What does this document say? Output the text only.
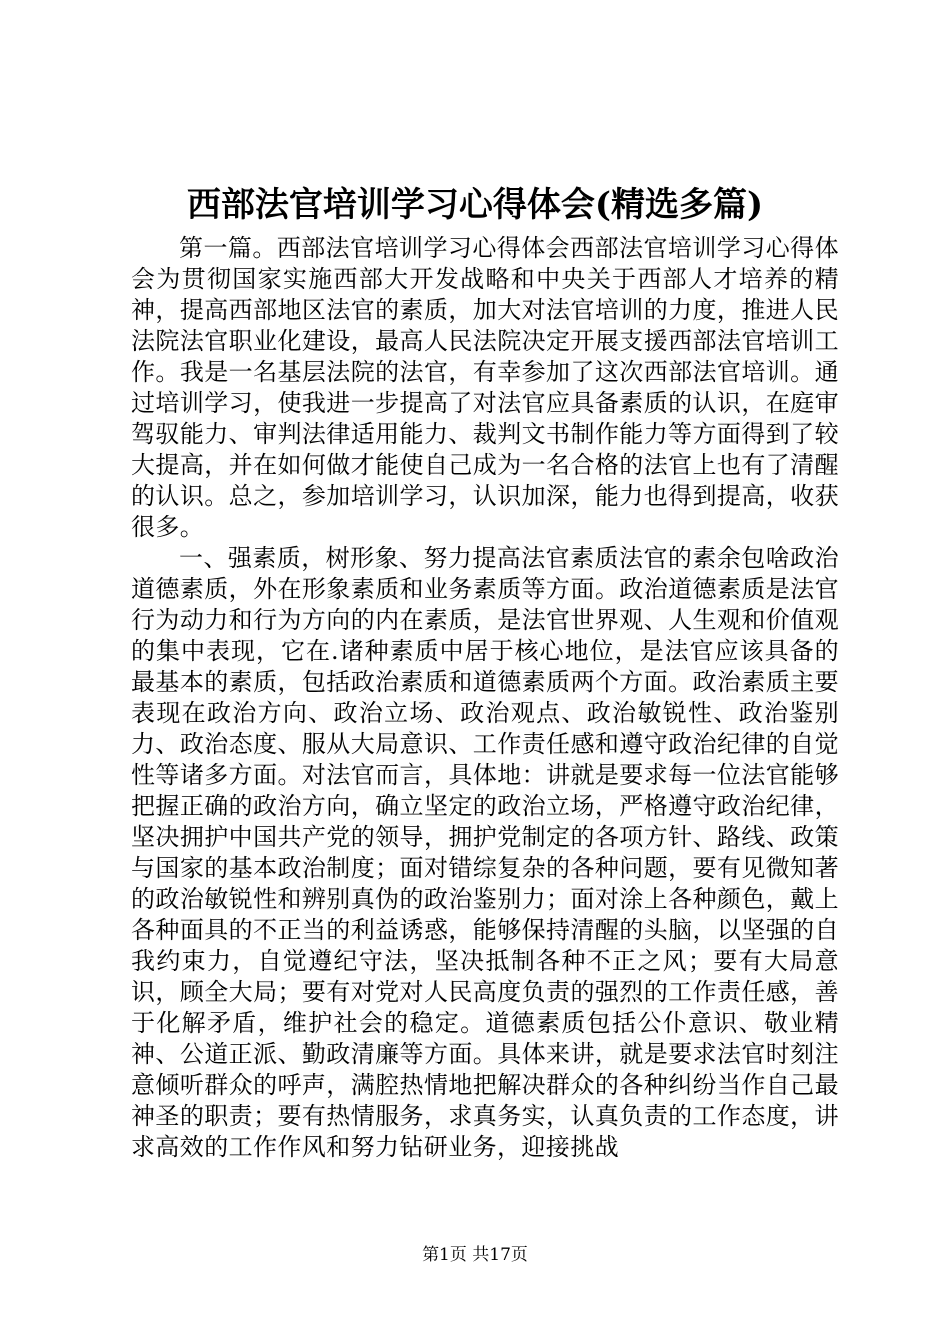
西部法官培训学习心得体会(精选多篇)

第一篇。西部法官培训学习心得体会西部法官培训学习心得体会为贯彻国家实施西部大开发战略和中央关于西部人才培养的精神，提高西部地区法官的素质，加大对法官培训的力度，推进人民法院法官职业化建设，最高人民法院决定开展支援西部法官培训工作。我是一名基层法院的法官，有幸参加了这次西部法官培训。通过培训学习，使我进一步提高了对法官应具备素质的认识，在庭审驾驭能力、审判法律适用能力、裁判文书制作能力等方面得到了较大提高，并在如何做才能使自己成为一名合格的法官上也有了清醒的认识。总之，参加培训学习，认识加深，能力也得到提高，收获很多。

一、强素质，树形象、努力提高法官素质法官的素余包啥政治道德素质，外在形象素质和业务素质等方面。政治道德素质是法官行为动力和行为方向的内在素质，是法官世界观、人生观和价值观的集中表现，它在.诸种素质中居于核心地位，是法官应该具备的最基本的素质，包括政治素质和道德素质两个方面。政治素质主要表现在政治方向、政治立场、政治观点、政治敏锐性、政治鉴别力、政治态度、服从大局意识、工作责任感和遵守政治纪律的自觉性等诸多方面。对法官而言，具体地：讲就是要求每一位法官能够把握正确的政治方向，确立坚定的政治立场，严格遵守政治纪律，坚决拥护中国共产党的领导，拥护党制定的各项方针、路线、政策与国家的基本政治制度；面对错综复杂的各种问题，要有见微知著的政治敏锐性和辨别真伪的政治鉴别力；面对涂上各种颜色，戴上各种面具的不正当的利益诱惑，能够保持清醒的头脑，以坚强的自我约束力，自觉遵纪守法，坚决抵制各种不正之风；要有大局意识，顾全大局；要有对党对人民高度负责的强烈的工作责任感，善于化解矛盾，维护社会的稳定。道德素质包括公仆意识、敬业精神、公道正派、勤政清廉等方面。具体来讲，就是要求法官时刻注意倾听群众的呼声，满腔热情地把解决群众的各种纠纷当作自己最神圣的职责；要有热情服务，求真务实，认真负责的工作态度，讲求高效的工作作风和努力钻研业务，迎接挑战

第1页 共17页
